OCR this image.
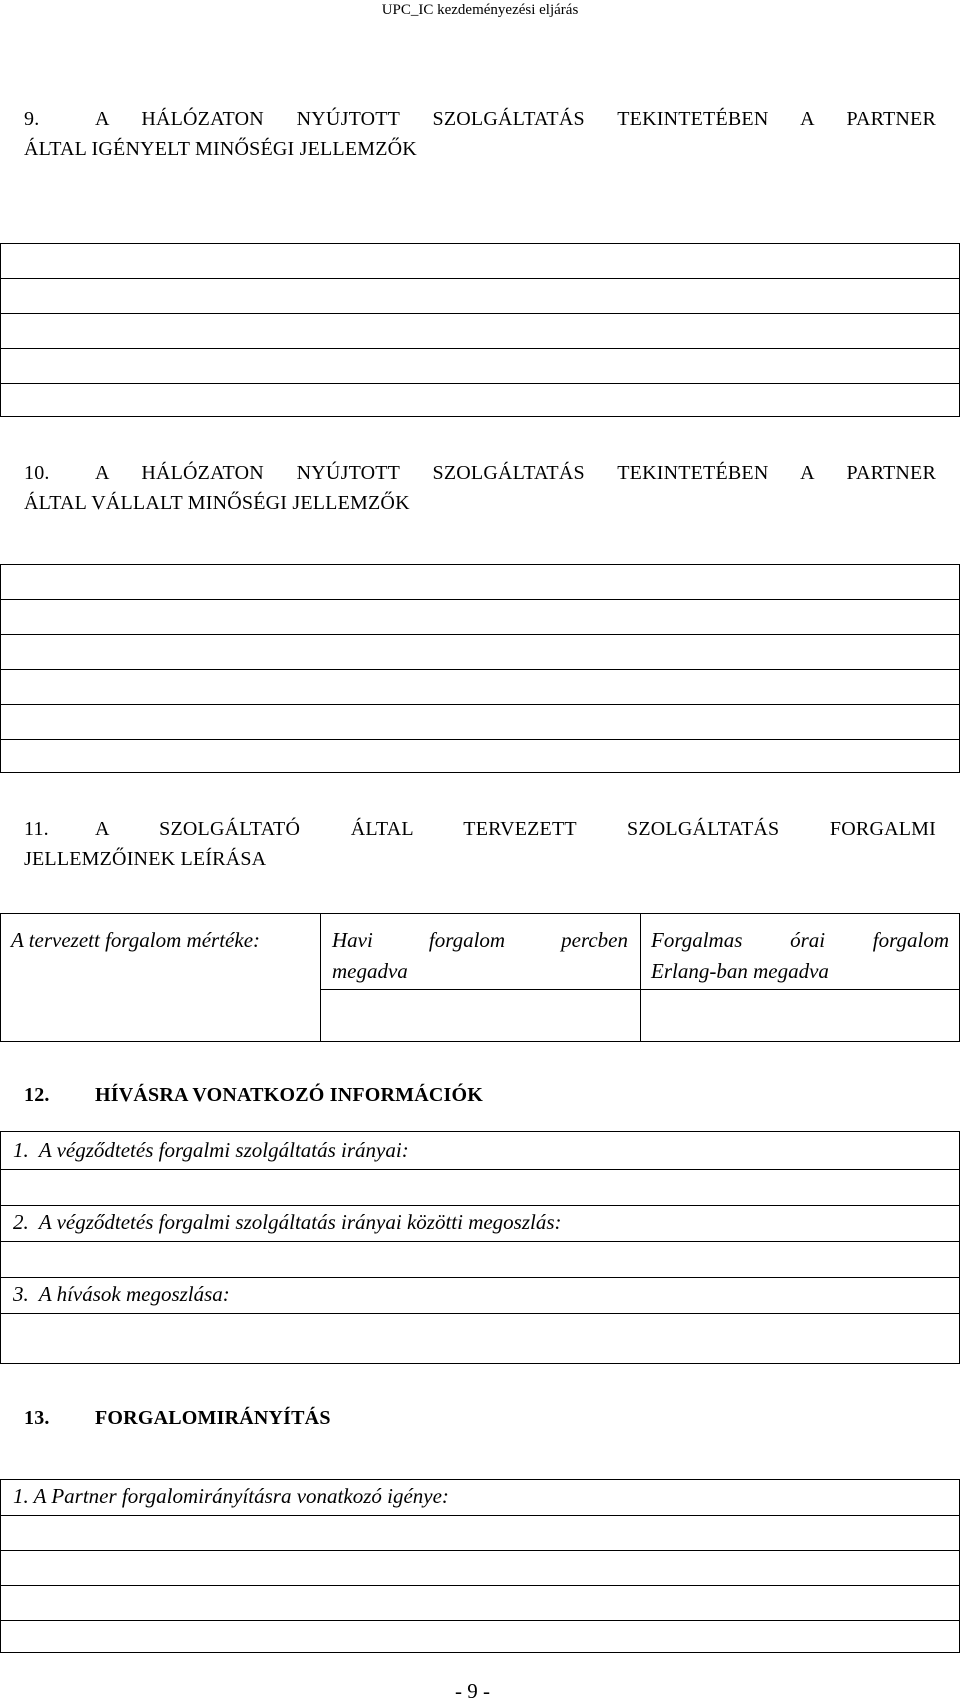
UPC_IC kezdeményezési eljárás
9.	A HÁLÓZATON NYÚJTOTT SZOLGÁLTATÁS TEKINTETÉBEN A PARTNER
ÁLTAL IGÉNYELT MINŐSÉGI JELLEMZŐK
10. A HÁLÓZATON NYÚJTOTT SZOLGÁLTATÁS TEKINTETÉBEN A PARTNER
ÁLTAL VÁLLALT MINŐSÉGI JELLEMZŐK
11. A SZOLGÁLTATÓ ÁLTAL TERVEZETT SZOLGÁLTATÁS FORGALMI
JELLEMZŐINEK LEÍRÁSA
A tervezett forgalom mértéke:	Havi forgalom percben
megadva
Forgalmas órai forgalom
Erlang-ban megadva
12. HÍVÁSRA VONATKOZÓ INFORMÁCIÓK
1.  A végződtetés forgalmi szolgáltatás irányai:
2.  A végződtetés forgalmi szolgáltatás irányai közötti megoszlás:
3.  A hívások megoszlása:
13. FORGALOMIRÁNYÍTÁS
1. A Partner forgalomirányításra vonatkozó igénye:
- 9 -
